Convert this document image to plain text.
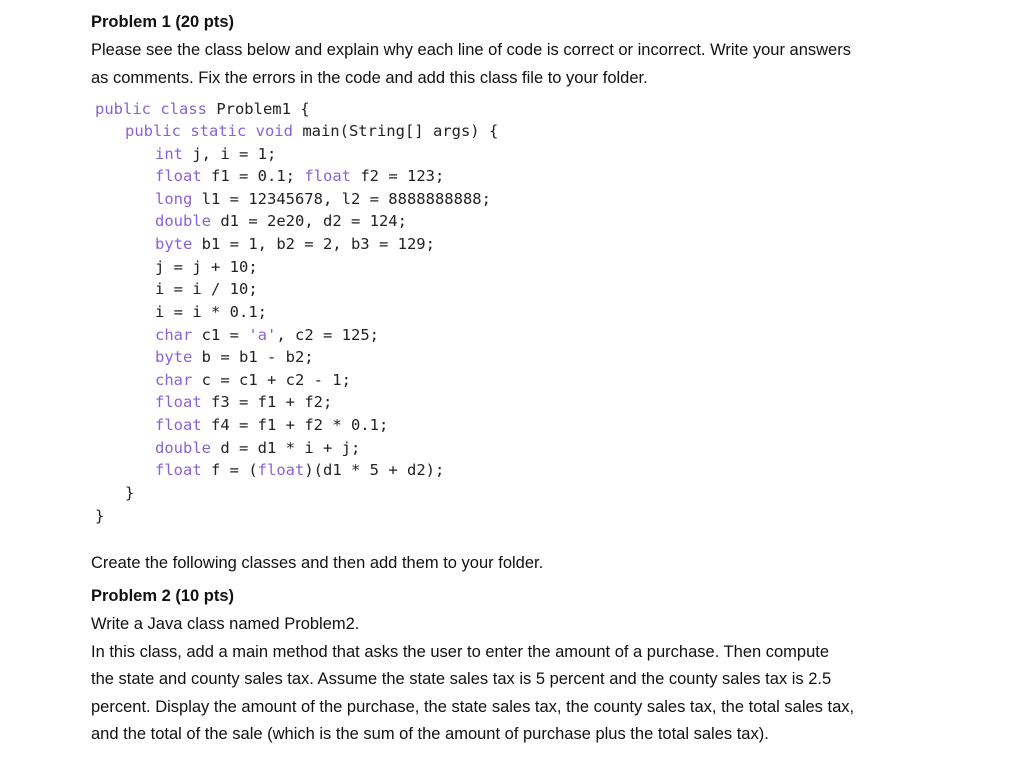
Problem 1 (20 pts)
Please see the class below and explain why each line of code is correct or incorrect. Write your answers
as comments. Fix the errors in the code and add this class file to your folder.
public class Problem1 {
public static void main(String[] args) {
int j, i = 1;
float f1 = 0.1; float f2 = 123;
long l1 = 12345678, l2 = 8888888888;
double d1 = 2e20, d2 = 124;
byte b1 = 1, b2 = 2, b3 = 129;
j = j + 10;
i = i / 10;
i = i * 0.1;
char c1 = 'a', c2 = 125;
byte b = b1 - b2;
char c = c1 + c2 - 1;
float f3 = f1 + f2;
float f4 = f1 + f2 * 0.1;
double d = d1 * i + j;
float f = (float)(d1 * 5 + d2);
}
}
Create the following classes and then add them to your folder.
Problem 2 (10 pts)
Write a Java class named Problem2.
In this class, add a main method that asks the user to enter the amount of a purchase. Then compute
the state and county sales tax. Assume the state sales tax is 5 percent and the county sales tax is 2.5
percent. Display the amount of the purchase, the state sales tax, the county sales tax, the total sales tax,
and the total of the sale (which is the sum of the amount of purchase plus the total sales tax).
